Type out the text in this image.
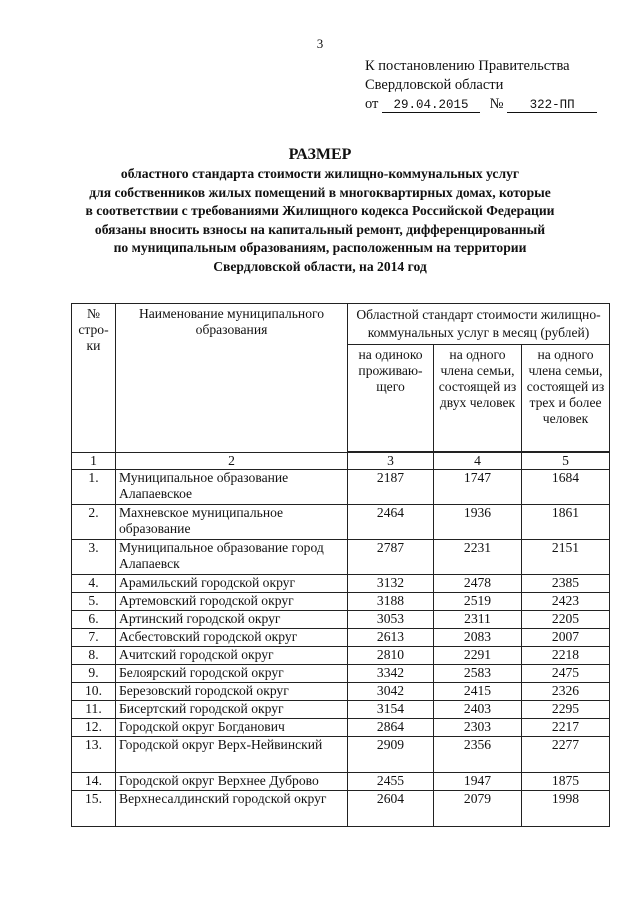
3
К постановлению Правительства
Свердловской области
от 29.04.2015 № 322-ПП
РАЗМЕР
областного стандарта стоимости жилищно-коммунальных услуг
для собственников жилых помещений в многоквартирных домах, которые
в соответствии с требованиями Жилищного кодекса Российской Федерации
обязаны вносить взносы на капитальный ремонт, дифференцированный
по муниципальным образованиям, расположенным на территории
Свердловской области, на 2014 год
№ стро-ки	Наименование муниципального образования	Областной стандарт стоимости жилищно-коммунальных услуг в месяц (рублей)		
		на одиноко проживаю-щего	на одного члена семьи, состоящей из двух человек	на одного члена семьи, состоящей из трех и более человек
1	2	3	4	5
1.	Муниципальное образование Алапаевское	2187	1747	1684
2.	Махневское муниципальное образование	2464	1936	1861
3.	Муниципальное образование город Алапаевск	2787	2231	2151
4.	Арамильский городской округ	3132	2478	2385
5.	Артемовский городской округ	3188	2519	2423
6.	Артинский городской округ	3053	2311	2205
7.	Асбестовский городской округ	2613	2083	2007
8.	Ачитский городской округ	2810	2291	2218
9.	Белоярский городской округ	3342	2583	2475
10.	Березовский городской округ	3042	2415	2326
11.	Бисертский городской округ	3154	2403	2295
12.	Городской округ Богданович	2864	2303	2217
13.	Городской округ Верх-Нейвинский	2909	2356	2277
14.	Городской округ Верхнее Дуброво	2455	1947	1875
15.	Верхнесалдинский городской округ	2604	2079	1998
